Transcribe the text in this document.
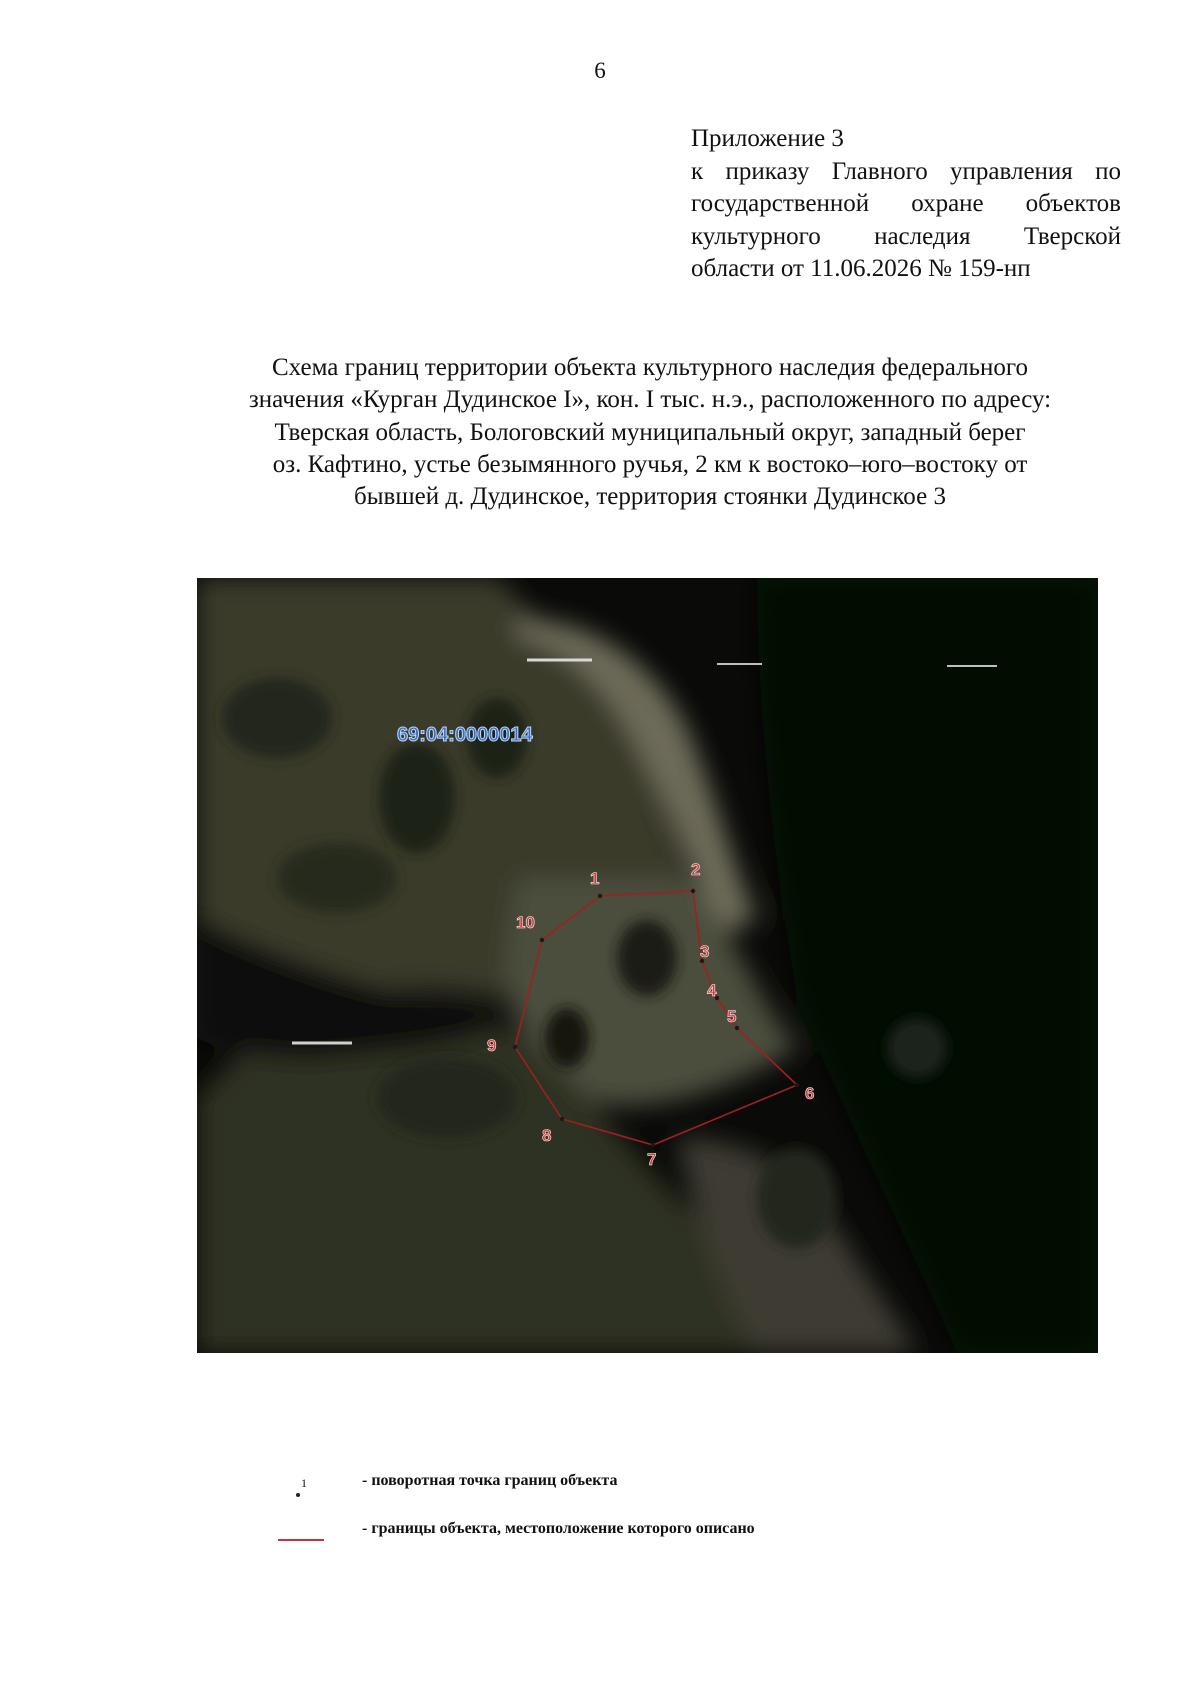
6
Приложение 3
к приказу Главного управления по
государственной охране объектов
культурного наследия Тверской
области от 11.06.2026 № 159-нп
Схема границ территории объекта культурного наследия федерального
значения «Курган Дудинское I», кон. I тыс. н.э., расположенного по адресу:
Тверская область, Бологовский муниципальный округ, западный берег
оз. Кафтино, устье безымянного ручья, 2 км к востоко–юго–востоку от
бывшей д. Дудинское, территория стоянки Дудинское 3
69:04:0000014
1	2
3
4
5
6
7
8
9
10
1	- поворотная точка границ объекта
- границы объекта, местоположение которого описано
